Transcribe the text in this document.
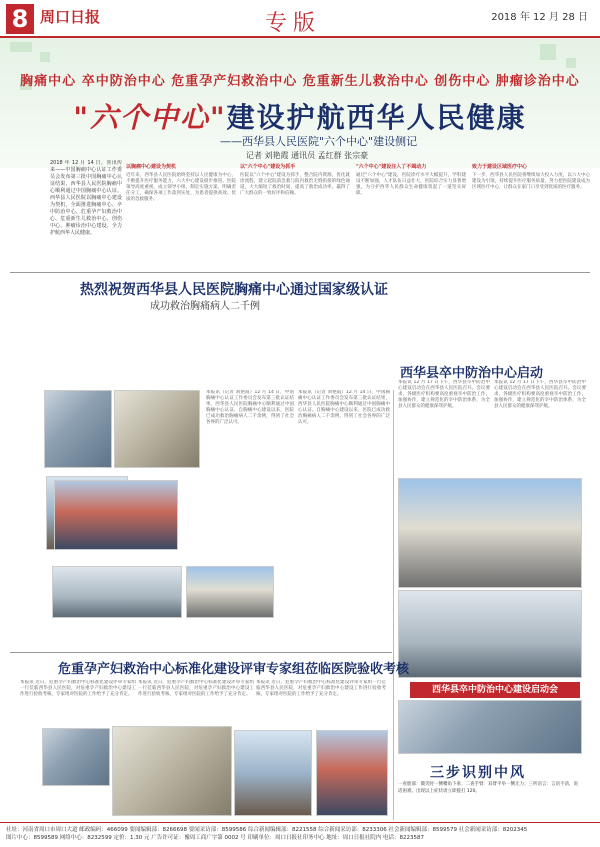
8 周口日报	专版	2018 年 12 月 28 日
胸痛中心 卒中防治中心 危重孕产妇救治中心 危重新生儿救治中心 创伤中心 肿瘤诊治中心
"六个中心"建设护航西华人民健康
——西华县人民医院"六个中心"建设侧记
记者 刘艳霞 通讯员 孟红群 张宗豪
2018 年 12 月 14 日，喜讯传来——中国胸痛中心认证工作委员会发布第三批中国胸痛中心认证结果，西华县人民医院胸痛中心顺利通过中国胸痛中心认证。西华县人民医院以胸痛中心建设为契机，全面推进胸痛中心、卒中防治中心、危重孕产妇救治中心、危重新生儿救治中心、创伤中心、肿瘤诊治中心建设，全力护航西华人民健康。
以胸痛中心建设为契机
近年来，西华县人民医院始终坚持以人民健康为中心，不断提升医疗服务能力，六大中心建设稳步推进。医院领导高度重视，成立领导小组，制定实施方案，明确责任分工，确保各项工作落到实处，为患者提供高效、优质的急救服务。
以"六个中心"建设为抓手
医院以"六个中心"建设为抓手，整合院内资源，优化就诊流程，建立起院前急救与院内救治无缝衔接的绿色通道，大大缩短了救治时间，提高了救治成功率，赢得了广大群众的一致好评和信赖。
"六个中心"建设注入了不竭动力
通过"六个中心"建设，医院诊疗水平大幅提升，学科建设不断加强，人才队伍日益壮大，医院综合实力显著增强，为守护西华人民群众生命健康筑起了一道坚实屏障。
致力于建设区域医疗中心
下一步，西华县人民医院将继续加大投入力度，以六大中心建设为引领，持续提升医疗服务质量，努力把医院建设成为区域医疗中心，让群众在家门口享受到优质的医疗服务。
热烈祝贺西华县人民医院胸痛中心通过国家级认证
成功救治胸痛病人二千例
本报讯（记者 刘艳霞）12 月 14 日，中国胸痛中心认证工作委员会发布第三批认证结果，西华县人民医院胸痛中心顺利通过中国胸痛中心认证。自胸痛中心建设以来，医院已成功救治胸痛病人二千余例，得到了社会各界的广泛认可。
本报讯（记者 刘艳霞）12 月 14 日，中国胸痛中心认证工作委员会发布第三批认证结果，西华县人民医院胸痛中心顺利通过中国胸痛中心认证。自胸痛中心建设以来，医院已成功救治胸痛病人二千余例，得到了社会各界的广泛认可。
西华县卒中防治中心启动
本报讯 12 月 17 日下午，西华县卒中防治中心建设启动会在西华县人民医院召开。会议要求，各级医疗机构要高度重视卒中防治工作，加强协作，建立规范化的卒中防治体系，为全县人民群众的健康保驾护航。
本报讯 12 月 17 日下午，西华县卒中防治中心建设启动会在西华县人民医院召开。会议要求，各级医疗机构要高度重视卒中防治工作，加强协作，建立规范化的卒中防治体系，为全县人民群众的健康保驾护航。
西华县卒中防治中心建设启动会
三步识别中风
一看脸部：微笑时一侧嘴角下垂；二查手臂：双臂平举一侧无力；三听语言：言语不清，说话困难。出现以上症状请立即拨打 120。
危重孕产妇救治中心标准化建设评审专家组莅临医院验收考核
本报讯 近日，危重孕产妇救治中心标准化建设评审专家组一行莅临西华县人民医院，对危重孕产妇救治中心建设工作进行验收考核，专家组对医院的工作给予了充分肯定。
本报讯 近日，危重孕产妇救治中心标准化建设评审专家组一行莅临西华县人民医院，对危重孕产妇救治中心建设工作进行验收考核，专家组对医院的工作给予了充分肯定。
本报讯 近日，危重孕产妇救治中心标准化建设评审专家组一行莅临西华县人民医院，对危重孕产妇救治中心建设工作进行验收考核，专家组对医院的工作给予了充分肯定。
社址：河南省周口市周口大道 邮政编码：466099 要闻编辑部：8266698 要闻采访部：8599586 综合新闻编辑部：8221558 综合新闻采访部：8233306 社会新闻编辑部：8599579 社会新闻采访部：8202345
图片中心：8599589 网络中心：8232599 定价：1.30 元 广告许可证：豫周工商广字第 0002 号 印刷单位：周口日报社印务中心 地址：周口日报社院内 电话：8223587
